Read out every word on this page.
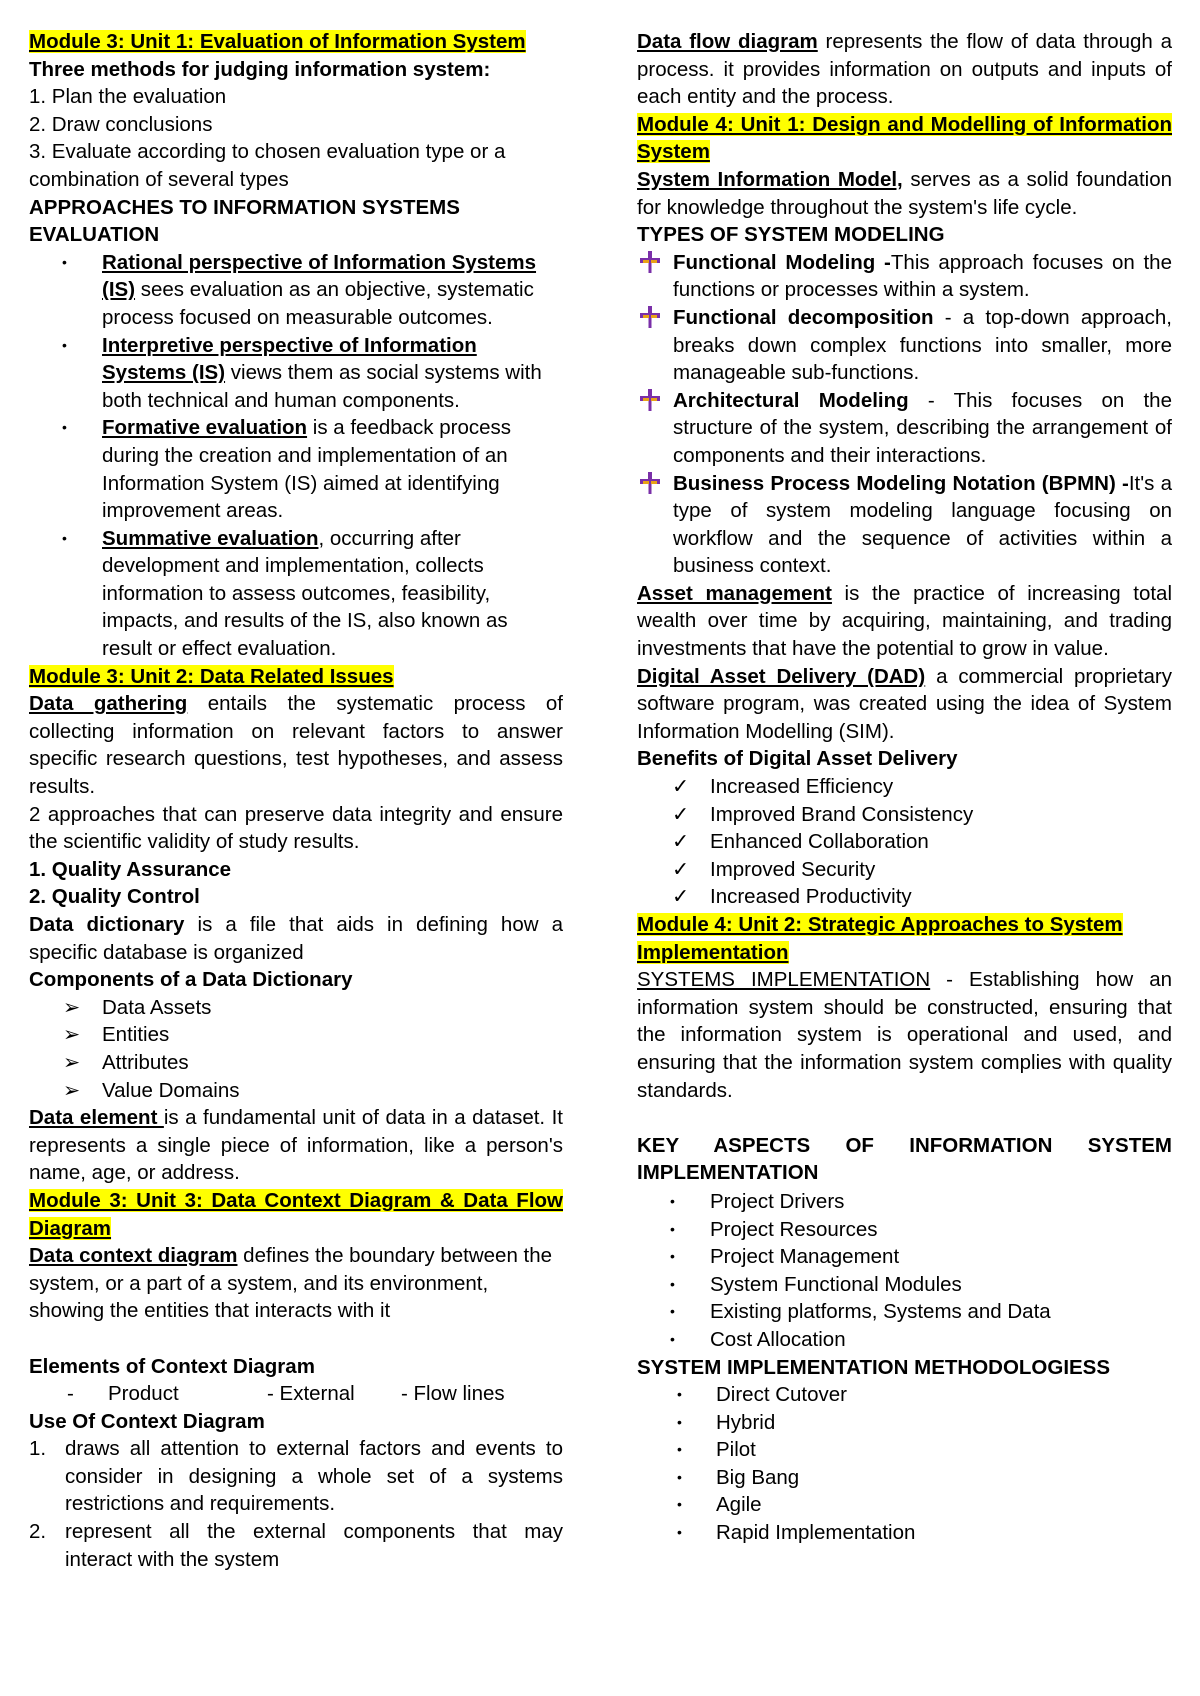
Module 3: Unit 1: Evaluation of Information System

Three methods for judging information system:

1. Plan the evaluation

2. Draw conclusions

3. Evaluate according to chosen evaluation type or a combination of several types

APPROACHES TO INFORMATION SYSTEMS EVALUATION

• Rational perspective of Information Systems (IS) sees evaluation as an objective, systematic process focused on measurable outcomes.
• Interpretive perspective of Information Systems (IS) views them as social systems with both technical and human components.
• Formative evaluation is a feedback process during the creation and implementation of an Information System (IS) aimed at identifying improvement areas.
• Summative evaluation, occurring after development and implementation, collects information to assess outcomes, feasibility, impacts, and results of the IS, also known as result or effect evaluation.

Module 3: Unit 2: Data Related Issues

Data gathering entails the systematic process of collecting information on relevant factors to answer specific research questions, test hypotheses, and assess results.

2 approaches that can preserve data integrity and ensure the scientific validity of study results.

1. Quality Assurance

2. Quality Control

Data dictionary is a file that aids in defining how a specific database is organized

Components of a Data Dictionary

➢ Data Assets
➢ Entities
➢ Attributes
➢ Value Domains

Data element is a fundamental unit of data in a dataset. It represents a single piece of information, like a person's name, age, or address.

Module 3: Unit 3: Data Context Diagram & Data Flow Diagram

Data context diagram defines the boundary between the system, or a part of a system, and its environment, showing the entities that interacts with it

Elements of Context Diagram

-      Product	- External	- Flow lines

Use Of Context Diagram

1. draws all attention to external factors and events to consider in designing a whole set of a systems restrictions and requirements.
2. represent all the external components that may interact with the system

Data flow diagram represents the flow of data through a process. it provides information on outputs and inputs of each entity and the process.

Module 4: Unit 1: Design and Modelling of Information System

System Information Model, serves as a solid foundation for knowledge throughout the system's life cycle.

TYPES OF SYSTEM MODELING

Functional Modeling -This approach focuses on the functions or processes within a system.
Functional decomposition - a top-down approach, breaks down complex functions into smaller, more manageable sub-functions.
Architectural Modeling - This focuses on the structure of the system, describing the arrangement of components and their interactions.
Business Process Modeling Notation (BPMN) -It's a type of system modeling language focusing on workflow and the sequence of activities within a business context.

Asset management is the practice of increasing total wealth over time by acquiring, maintaining, and trading investments that have the potential to grow in value.

Digital Asset Delivery (DAD) a commercial proprietary software program, was created using the idea of System Information Modelling (SIM).

Benefits of Digital Asset Delivery

✓ Increased Efficiency
✓ Improved Brand Consistency
✓ Enhanced Collaboration
✓ Improved Security
✓ Increased Productivity

Module 4: Unit 2: Strategic Approaches to System Implementation

SYSTEMS IMPLEMENTATION - Establishing how an information system should be constructed, ensuring that the information system is operational and used, and ensuring that the information system complies with quality standards.

KEY ASPECTS OF INFORMATION SYSTEM IMPLEMENTATION

• Project Drivers
• Project Resources
• Project Management
• System Functional Modules
• Existing platforms, Systems and Data
• Cost Allocation

SYSTEM IMPLEMENTATION METHODOLOGIESS

• Direct Cutover
• Hybrid
• Pilot
• Big Bang
• Agile
• Rapid Implementation
